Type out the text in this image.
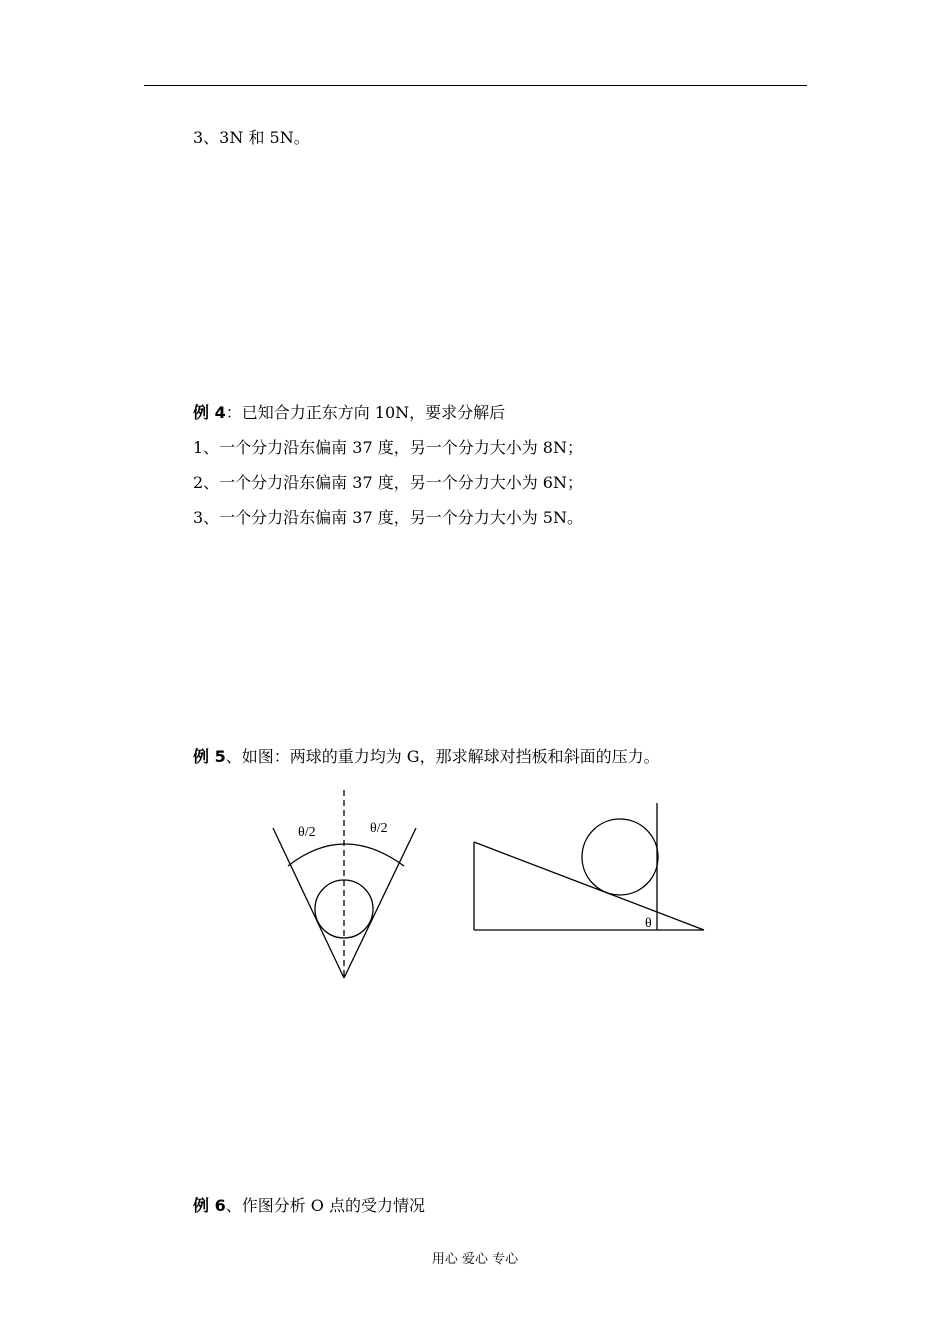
3、3N 和 5N。
例 4：已知合力正东方向 10N，要求分解后
1、一个分力沿东偏南 37 度，另一个分力大小为 8N；
2、一个分力沿东偏南 37 度，另一个分力大小为 6N；
3、一个分力沿东偏南 37 度，另一个分力大小为 5N。
例 5、如图：两球的重力均为 G，那求解球对挡板和斜面的压力。
θ/2	θ/2
θ
例 6、作图分析 O 点的受力情况
用心 爱心 专心
